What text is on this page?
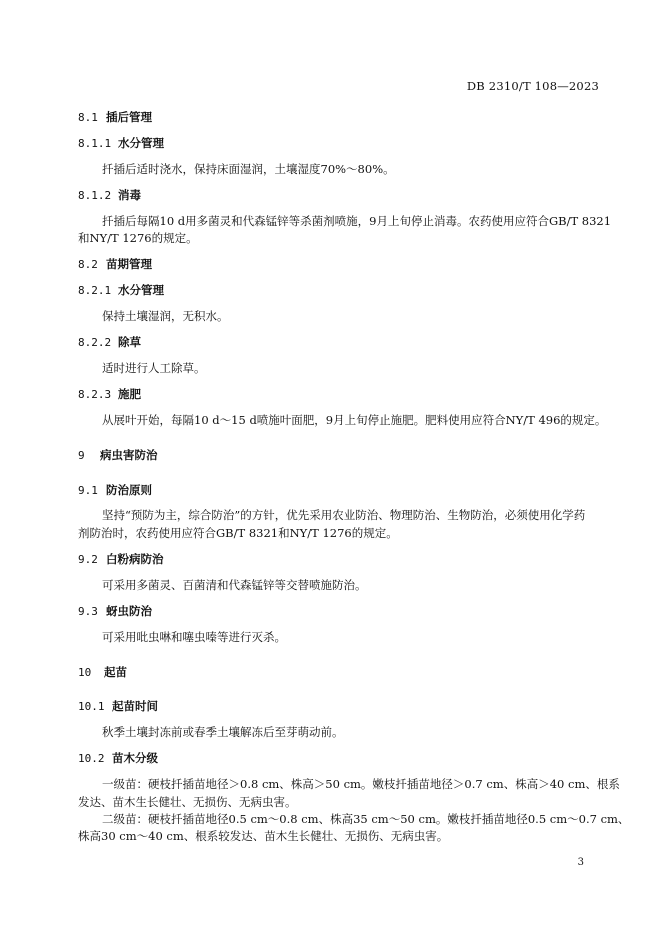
DB 2310/T 108—2023
8.1 插后管理
8.1.1 水分管理
扦插后适时浇水，保持床面湿润，土壤湿度70%～80%。
8.1.2 消毒
扦插后每隔10 d用多菌灵和代森锰锌等杀菌剂喷施，9月上旬停止消毒。农药使用应符合GB/T 8321
和NY/T 1276的规定。
8.2 苗期管理
8.2.1 水分管理
保持土壤湿润，无积水。
8.2.2 除草
适时进行人工除草。
8.2.3 施肥
从展叶开始，每隔10 d～15 d喷施叶面肥，9月上旬停止施肥。肥料使用应符合NY/T 496的规定。
9 病虫害防治
9.1 防治原则
坚持“预防为主，综合防治”的方针，优先采用农业防治、物理防治、生物防治，必须使用化学药
剂防治时，农药使用应符合GB/T 8321和NY/T 1276的规定。
9.2 白粉病防治
可采用多菌灵、百菌清和代森锰锌等交替喷施防治。
9.3 蚜虫防治
可采用吡虫啉和噻虫嗪等进行灭杀。
10 起苗
10.1 起苗时间
秋季土壤封冻前或春季土壤解冻后至芽萌动前。
10.2 苗木分级
一级苗：硬枝扦插苗地径＞0.8 cm、株高＞50 cm。嫩枝扦插苗地径＞0.7 cm、株高＞40 cm、根系
发达、苗木生长健壮、无损伤、无病虫害。
二级苗：硬枝扦插苗地径0.5 cm～0.8 cm、株高35 cm～50 cm。嫩枝扦插苗地径0.5 cm～0.7 cm、
株高30 cm～40 cm、根系较发达、苗木生长健壮、无损伤、无病虫害。
3
